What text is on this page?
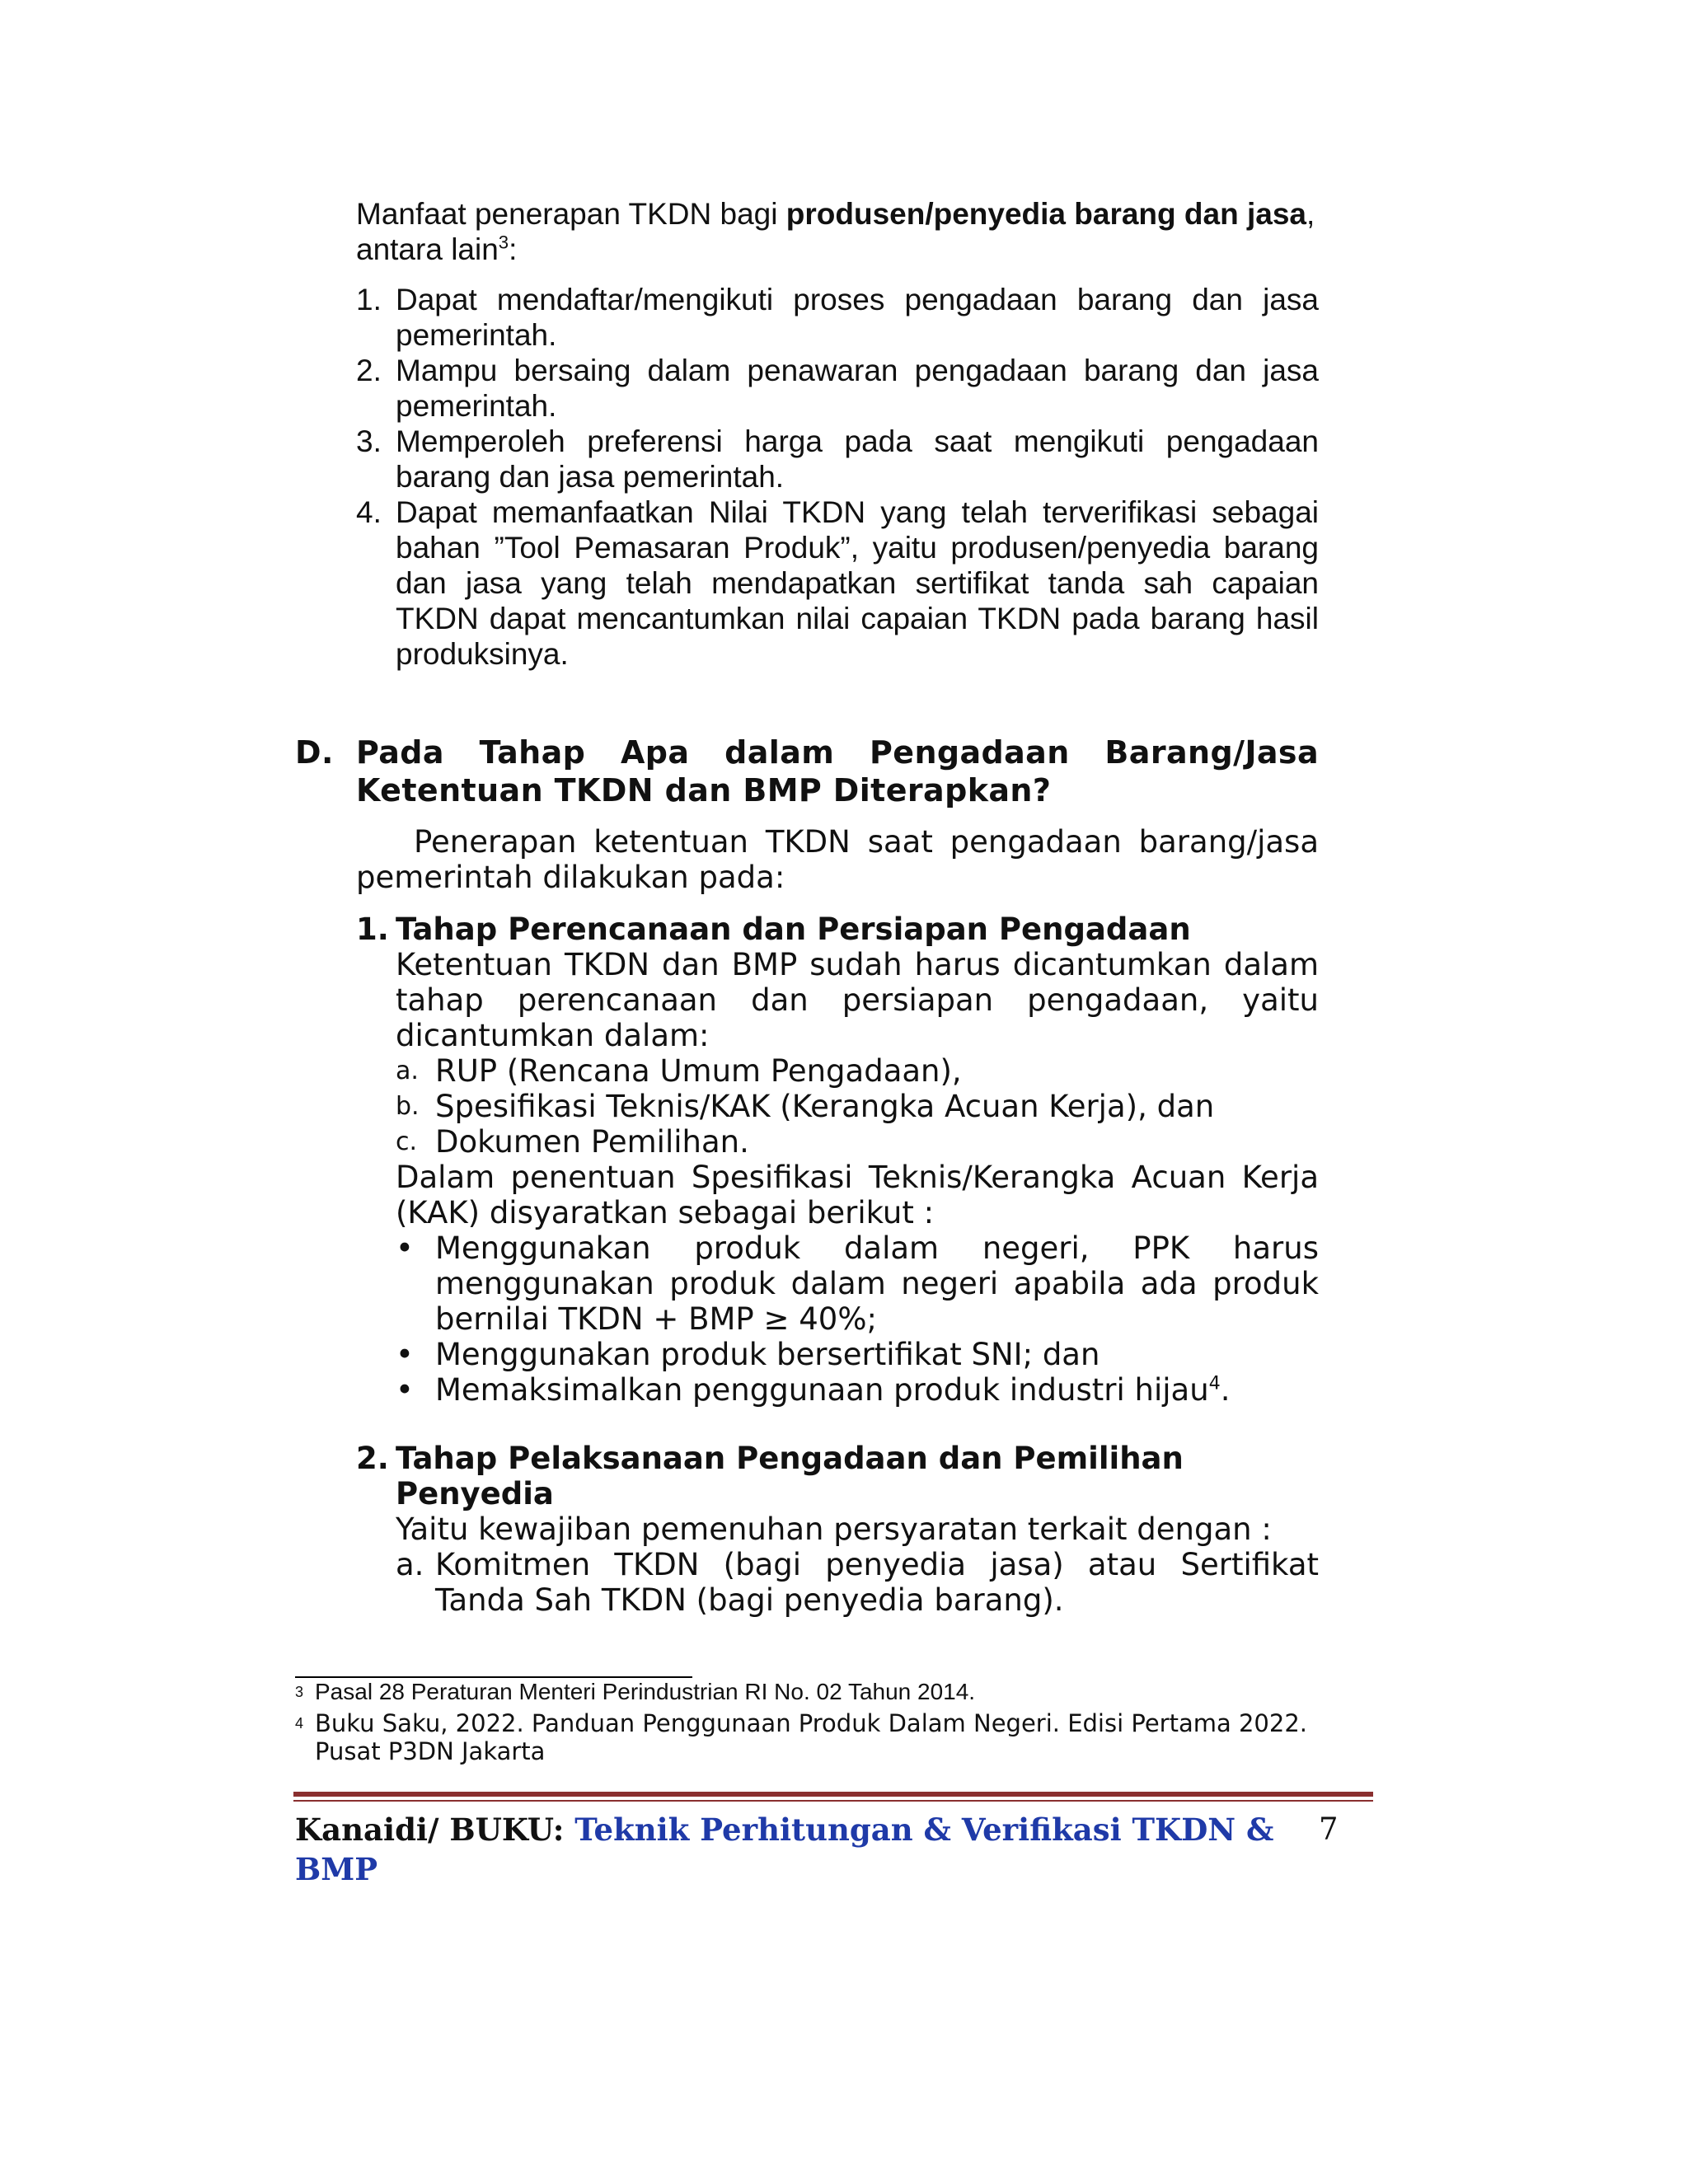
Manfaat penerapan TKDN bagi produsen/penyedia barang dan jasa,

antara lain$^3$:

1. Dapat mendaftar/mengikuti proses pengadaan barang dan jasa pemerintah.
2. Mampu bersaing dalam penawaran pengadaan barang dan jasa pemerintah.
3. Memperoleh preferensi harga pada saat mengikuti pengadaan barang dan jasa pemerintah.
4. Dapat memanfaatkan Nilai TKDN yang telah terverifikasi sebagai bahan ”Tool Pemasaran Produk”, yaitu produsen/penyedia barang dan jasa yang telah mendapatkan sertifikat tanda sah capaian TKDN dapat mencantumkan nilai capaian TKDN pada barang hasil produksinya.
D. Pada Tahap Apa dalam Pengadaan Barang/Jasa Ketentuan TKDN dan BMP Diterapkan?

Penerapan ketentuan TKDN saat pengadaan barang/jasa pemerintah dilakukan pada:

1. Tahap Perencanaan dan Persiapan Pengadaan

Ketentuan TKDN dan BMP sudah harus dicantumkan dalam tahap perencanaan dan persiapan pengadaan, yaitu dicantumkan dalam:

a. RUP (Rencana Umum Pengadaan),
b. Spesifikasi Teknis/KAK (Kerangka Acuan Kerja), dan
c. Dokumen Pemilihan.

Dalam penentuan Spesifikasi Teknis/Kerangka Acuan Kerja (KAK) disyaratkan sebagai berikut :

• Menggunakan produk dalam negeri, PPK harus menggunakan produk dalam negeri apabila ada produk bernilai TKDN + BMP ≥ 40%;
• Menggunakan produk bersertifikat SNI; dan
• Memaksimalkan penggunaan produk industri hijau$^4$.
2. Tahap Pelaksanaan Pengadaan dan Pemilihan Penyedia

Yaitu kewajiban pemenuhan persyaratan terkait dengan :

a. Komitmen TKDN (bagi penyedia jasa) atau Sertifikat Tanda Sah TKDN (bagi penyedia barang).
3 Pasal 28 Peraturan Menteri Perindustrian RI No. 02 Tahun 2014.
4 Buku Saku, 2022. Panduan Penggunaan Produk Dalam Negeri. Edisi Pertama 2022. Pusat P3DN Jakarta
Kanaidi/ BUKU: Teknik Perhitungan & Verifikasi TKDN & BMP
7
